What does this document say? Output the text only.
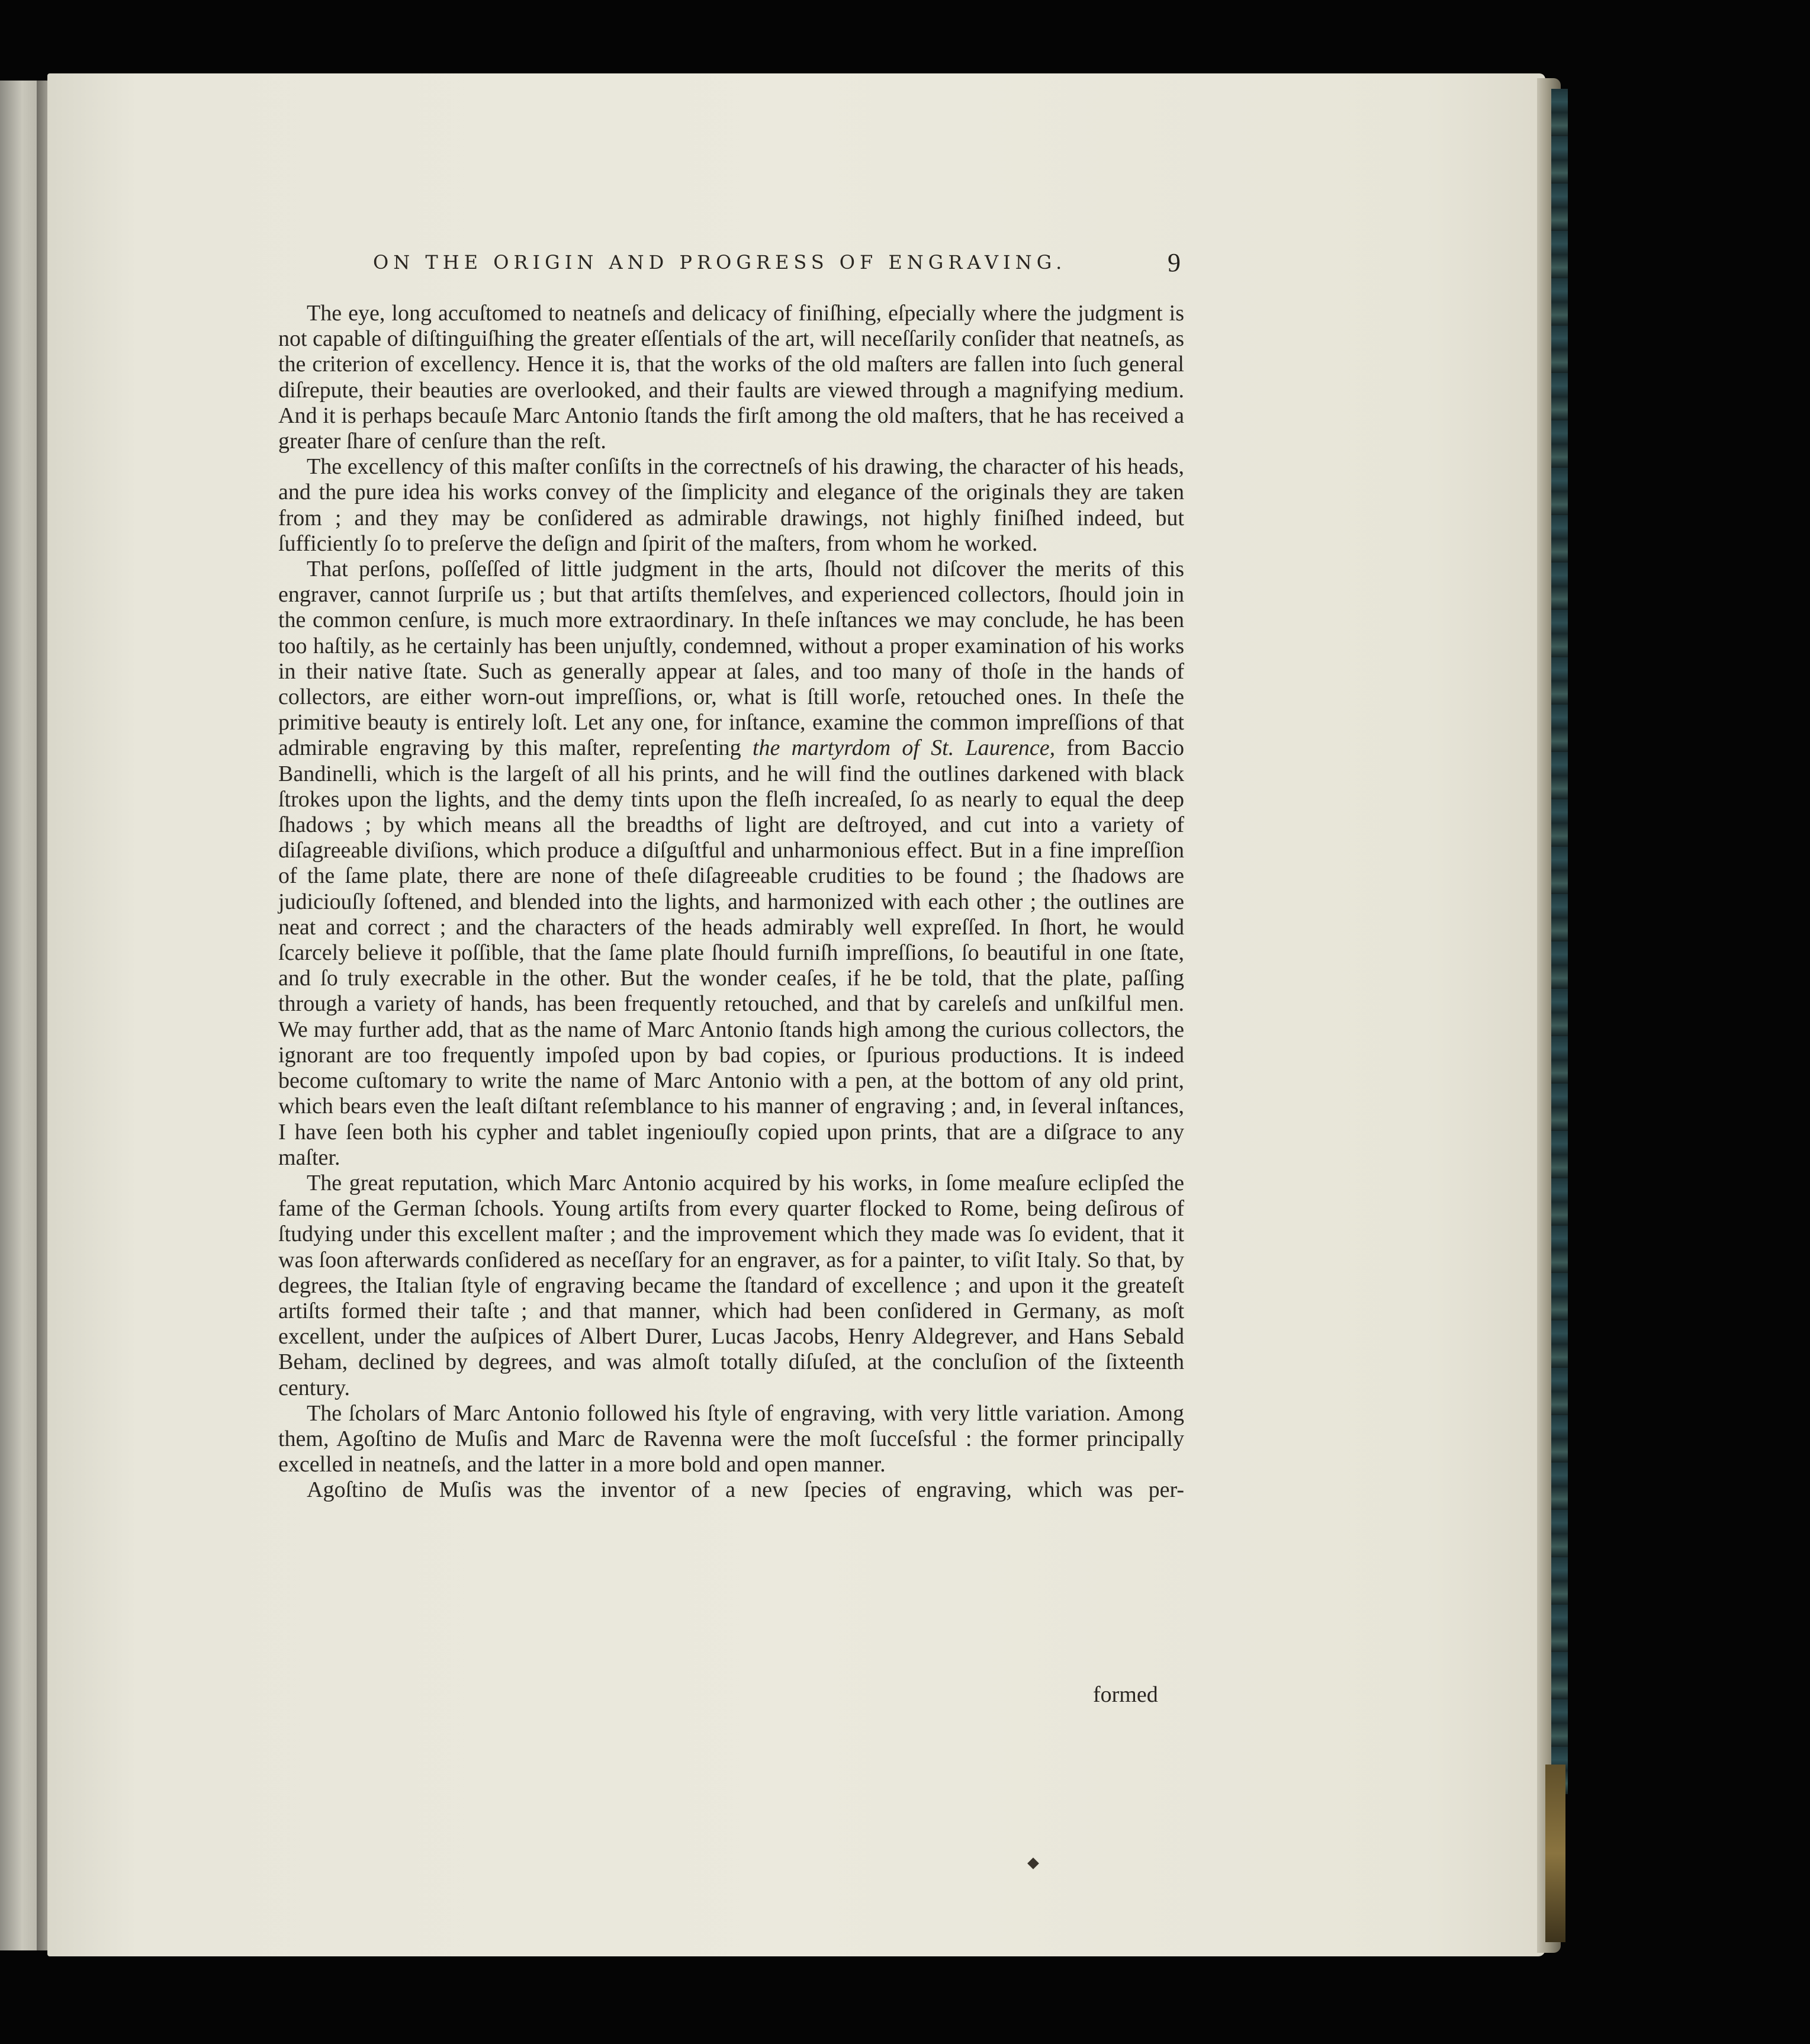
ON THE ORIGIN AND PROGRESS OF ENGRAVING.	9

The eye, long accuſtomed to neatneſs and delicacy of finiſhing, eſpecially where the judgment is not capable of diſtinguiſhing the greater eſſentials of the art, will neceſſarily conſider that neatneſs, as the criterion of excellency. Hence it is, that the works of the old maſters are fallen into ſuch general diſrepute, their beauties are overlooked, and their faults are viewed through a magnifying medium. And it is perhaps becauſe Marc Antonio ſtands the firſt among the old maſters, that he has received a greater ſhare of cenſure than the reſt.

The excellency of this maſter conſiſts in the correctneſs of his drawing, the character of his heads, and the pure idea his works convey of the ſimplicity and elegance of the originals they are taken from ; and they may be conſidered as admirable drawings, not highly finiſhed indeed, but ſufficiently ſo to preſerve the deſign and ſpirit of the maſters, from whom he worked.

That perſons, poſſeſſed of little judgment in the arts, ſhould not diſcover the merits of this engraver, cannot ſurpriſe us ; but that artiſts themſelves, and experienced collectors, ſhould join in the common cenſure, is much more extraordinary. In theſe inſtances we may conclude, he has been too haſtily, as he certainly has been unjuſtly, condemned, without a proper examination of his works in their native ſtate. Such as generally appear at ſales, and too many of thoſe in the hands of collectors, are either worn-out impreſſions, or, what is ſtill worſe, retouched ones. In theſe the primitive beauty is entirely loſt. Let any one, for inſtance, examine the common impreſſions of that admirable engraving by this maſter, repreſenting the martyrdom of St. Laurence, from Baccio Bandinelli, which is the largeſt of all his prints, and he will find the outlines darkened with black ſtrokes upon the lights, and the demy tints upon the fleſh increaſed, ſo as nearly to equal the deep ſhadows ; by which means all the breadths of light are deſtroyed, and cut into a variety of diſagreeable diviſions, which produce a diſguſtful and unharmonious effect. But in a fine impreſſion of the ſame plate, there are none of theſe diſagreeable crudities to be found ; the ſhadows are judiciouſly ſoftened, and blended into the lights, and harmonized with each other ; the outlines are neat and correct ; and the characters of the heads admirably well expreſſed. In ſhort, he would ſcarcely believe it poſſible, that the ſame plate ſhould furniſh impreſſions, ſo beautiful in one ſtate, and ſo truly execrable in the other. But the wonder ceaſes, if he be told, that the plate, paſſing through a variety of hands, has been frequently retouched, and that by careleſs and unſkilful men. We may further add, that as the name of Marc Antonio ſtands high among the curious collectors, the ignorant are too frequently impoſed upon by bad copies, or ſpurious productions. It is indeed become cuſtomary to write the name of Marc Antonio with a pen, at the bottom of any old print, which bears even the leaſt diſtant reſemblance to his manner of engraving ; and, in ſeveral inſtances, I have ſeen both his cypher and tablet ingeniouſly copied upon prints, that are a diſgrace to any maſter.

The great reputation, which Marc Antonio acquired by his works, in ſome meaſure eclipſed the fame of the German ſchools. Young artiſts from every quarter flocked to Rome, being deſirous of ſtudying under this excellent maſter ; and the improvement which they made was ſo evident, that it was ſoon afterwards conſidered as neceſſary for an engraver, as for a painter, to viſit Italy. So that, by degrees, the Italian ſtyle of engraving became the ſtandard of excellence ; and upon it the greateſt artiſts formed their taſte ; and that manner, which had been conſidered in Germany, as moſt excellent, under the auſpices of Albert Durer, Lucas Jacobs, Henry Aldegrever, and Hans Sebald Beham, declined by degrees, and was almoſt totally diſuſed, at the concluſion of the ſixteenth century.

The ſcholars of Marc Antonio followed his ſtyle of engraving, with very little variation. Among them, Agoſtino de Muſis and Marc de Ravenna were the moſt ſucceſsful : the former principally excelled in neatneſs, and the latter in a more bold and open manner.

Agoſtino de Muſis was the inventor of a new ſpecies of engraving, which was per-

formed
